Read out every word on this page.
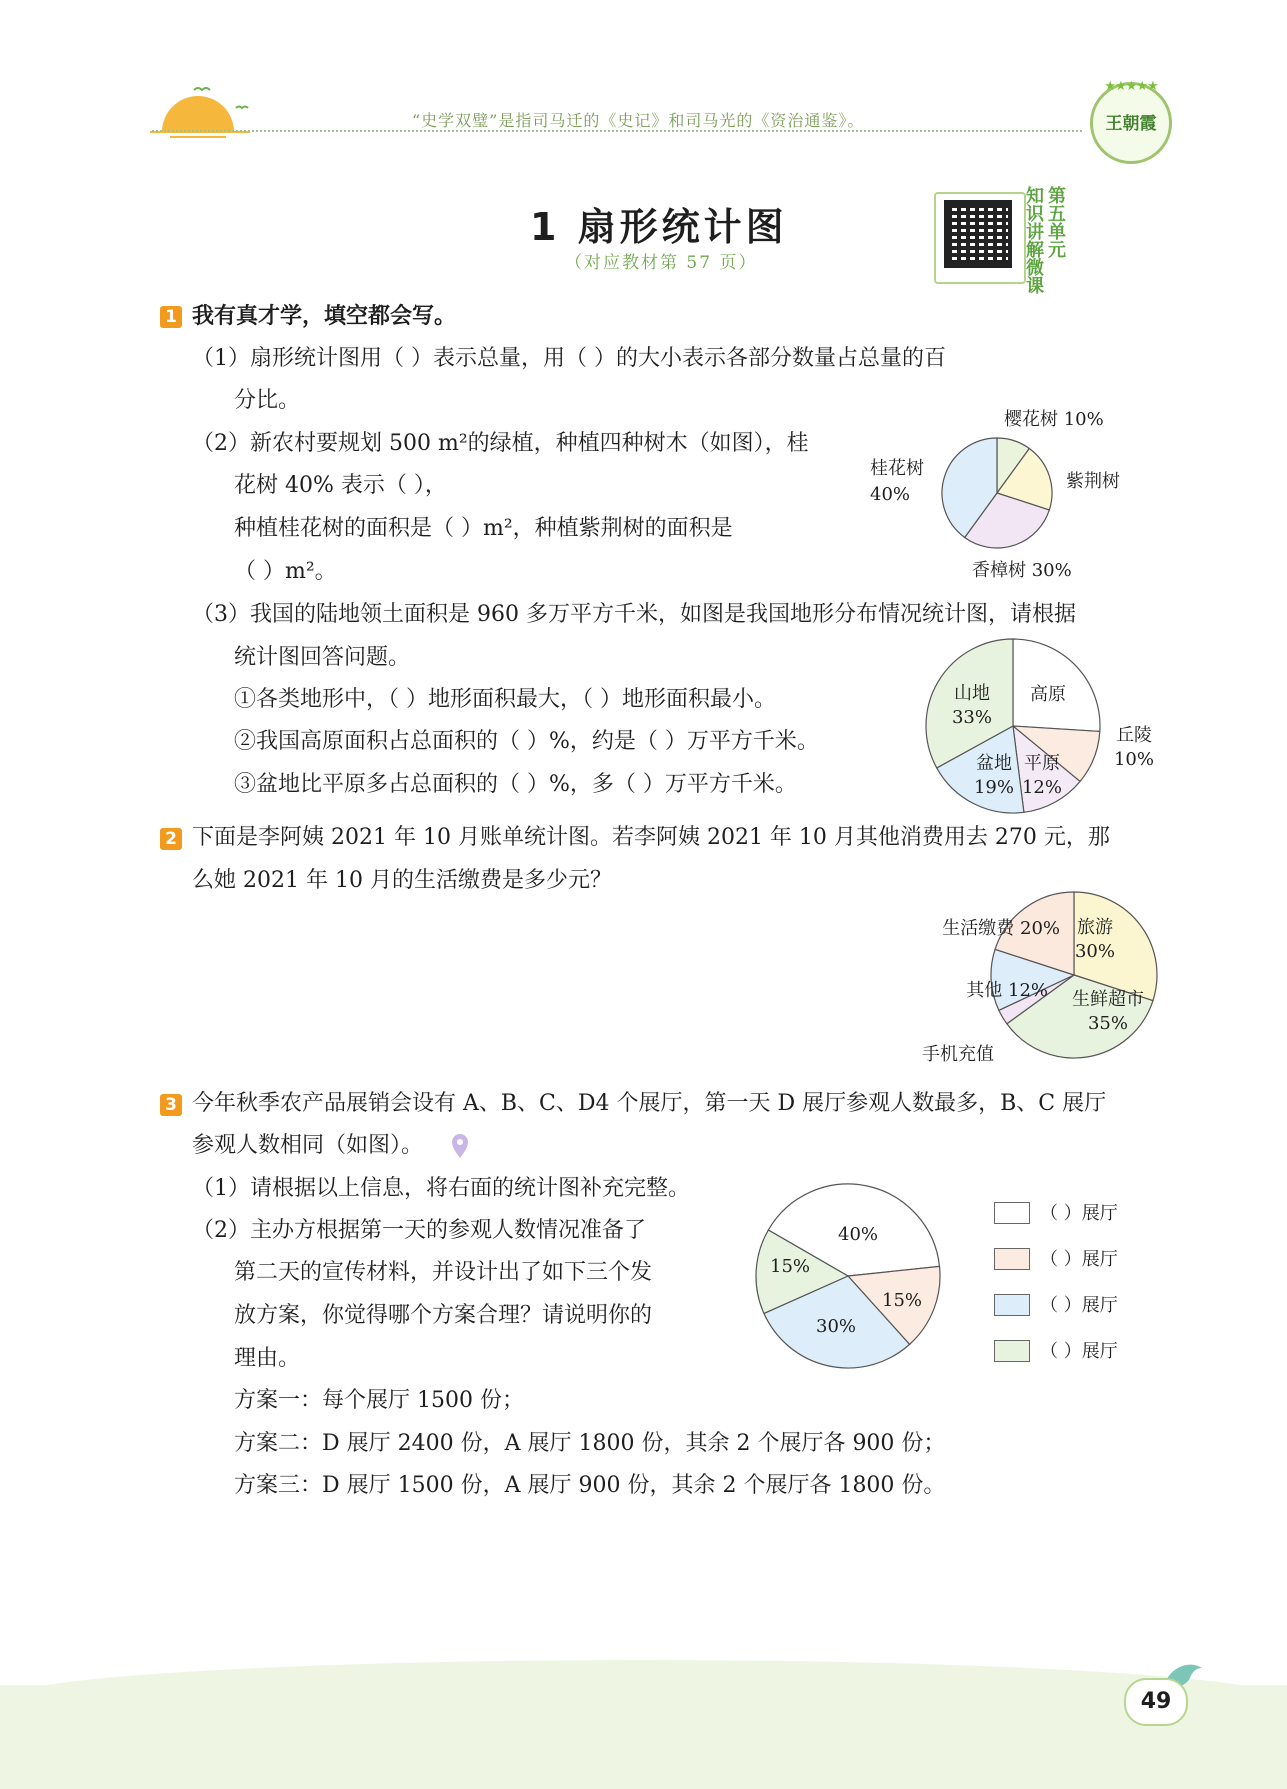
“史学双璧”是指司马迁的《史记》和司马光的《资治通鉴》。
★★★★★
王朝霞
1 扇形统计图
（对应教材第 57 页）
知识讲解微课
第五单元
1 我有真才学，填空都会写。
（1）扇形统计图用（ ）表示总量，用（ ）的大小表示各部分数量占总量的百
分比。
（2）新农村要规划 500 m²的绿植，种植四种树木（如图），桂
花树 40% 表示（ ），
种植桂花树的面积是（ ）m²，种植紫荆树的面积是
（ ）m²。
樱花树 10%
紫荆树
香樟树 30%
桂花树 40%
（3）我国的陆地领土面积是 960 多万平方千米，如图是我国地形分布情况统计图，请根据
统计图回答问题。
①各类地形中，（ ）地形面积最大，（ ）地形面积最小。
②我国高原面积占总面积的（ ）%，约是（ ）万平方千米。
③盆地比平原多占总面积的（ ）%，多（ ）万平方千米。
高原
丘陵 10%
平原 12%
盆地 19%
山地 33%
2 下面是李阿姨 2021 年 10 月账单统计图。若李阿姨 2021 年 10 月其他消费用去 270 元，那
么她 2021 年 10 月的生活缴费是多少元？
旅游 30%
生鲜超市 35%
手机充值
其他 12%
生活缴费 20%
3 今年秋季农产品展销会设有 A、B、C、D4 个展厅，第一天 D 展厅参观人数最多，B、C 展厅
参观人数相同（如图）。
（1）请根据以上信息，将右面的统计图补充完整。
（2）主办方根据第一天的参观人数情况准备了
第二天的宣传材料，并设计出了如下三个发
放方案，你觉得哪个方案合理？请说明你的
理由。
方案一：每个展厅 1500 份；
方案二：D 展厅 2400 份，A 展厅 1800 份，其余 2 个展厅各 900 份；
方案三：D 展厅 1500 份，A 展厅 900 份，其余 2 个展厅各 1800 份。
40%
15%
30%
15%
（ ）展厅
（ ）展厅
（ ）展厅
（ ）展厅
49
